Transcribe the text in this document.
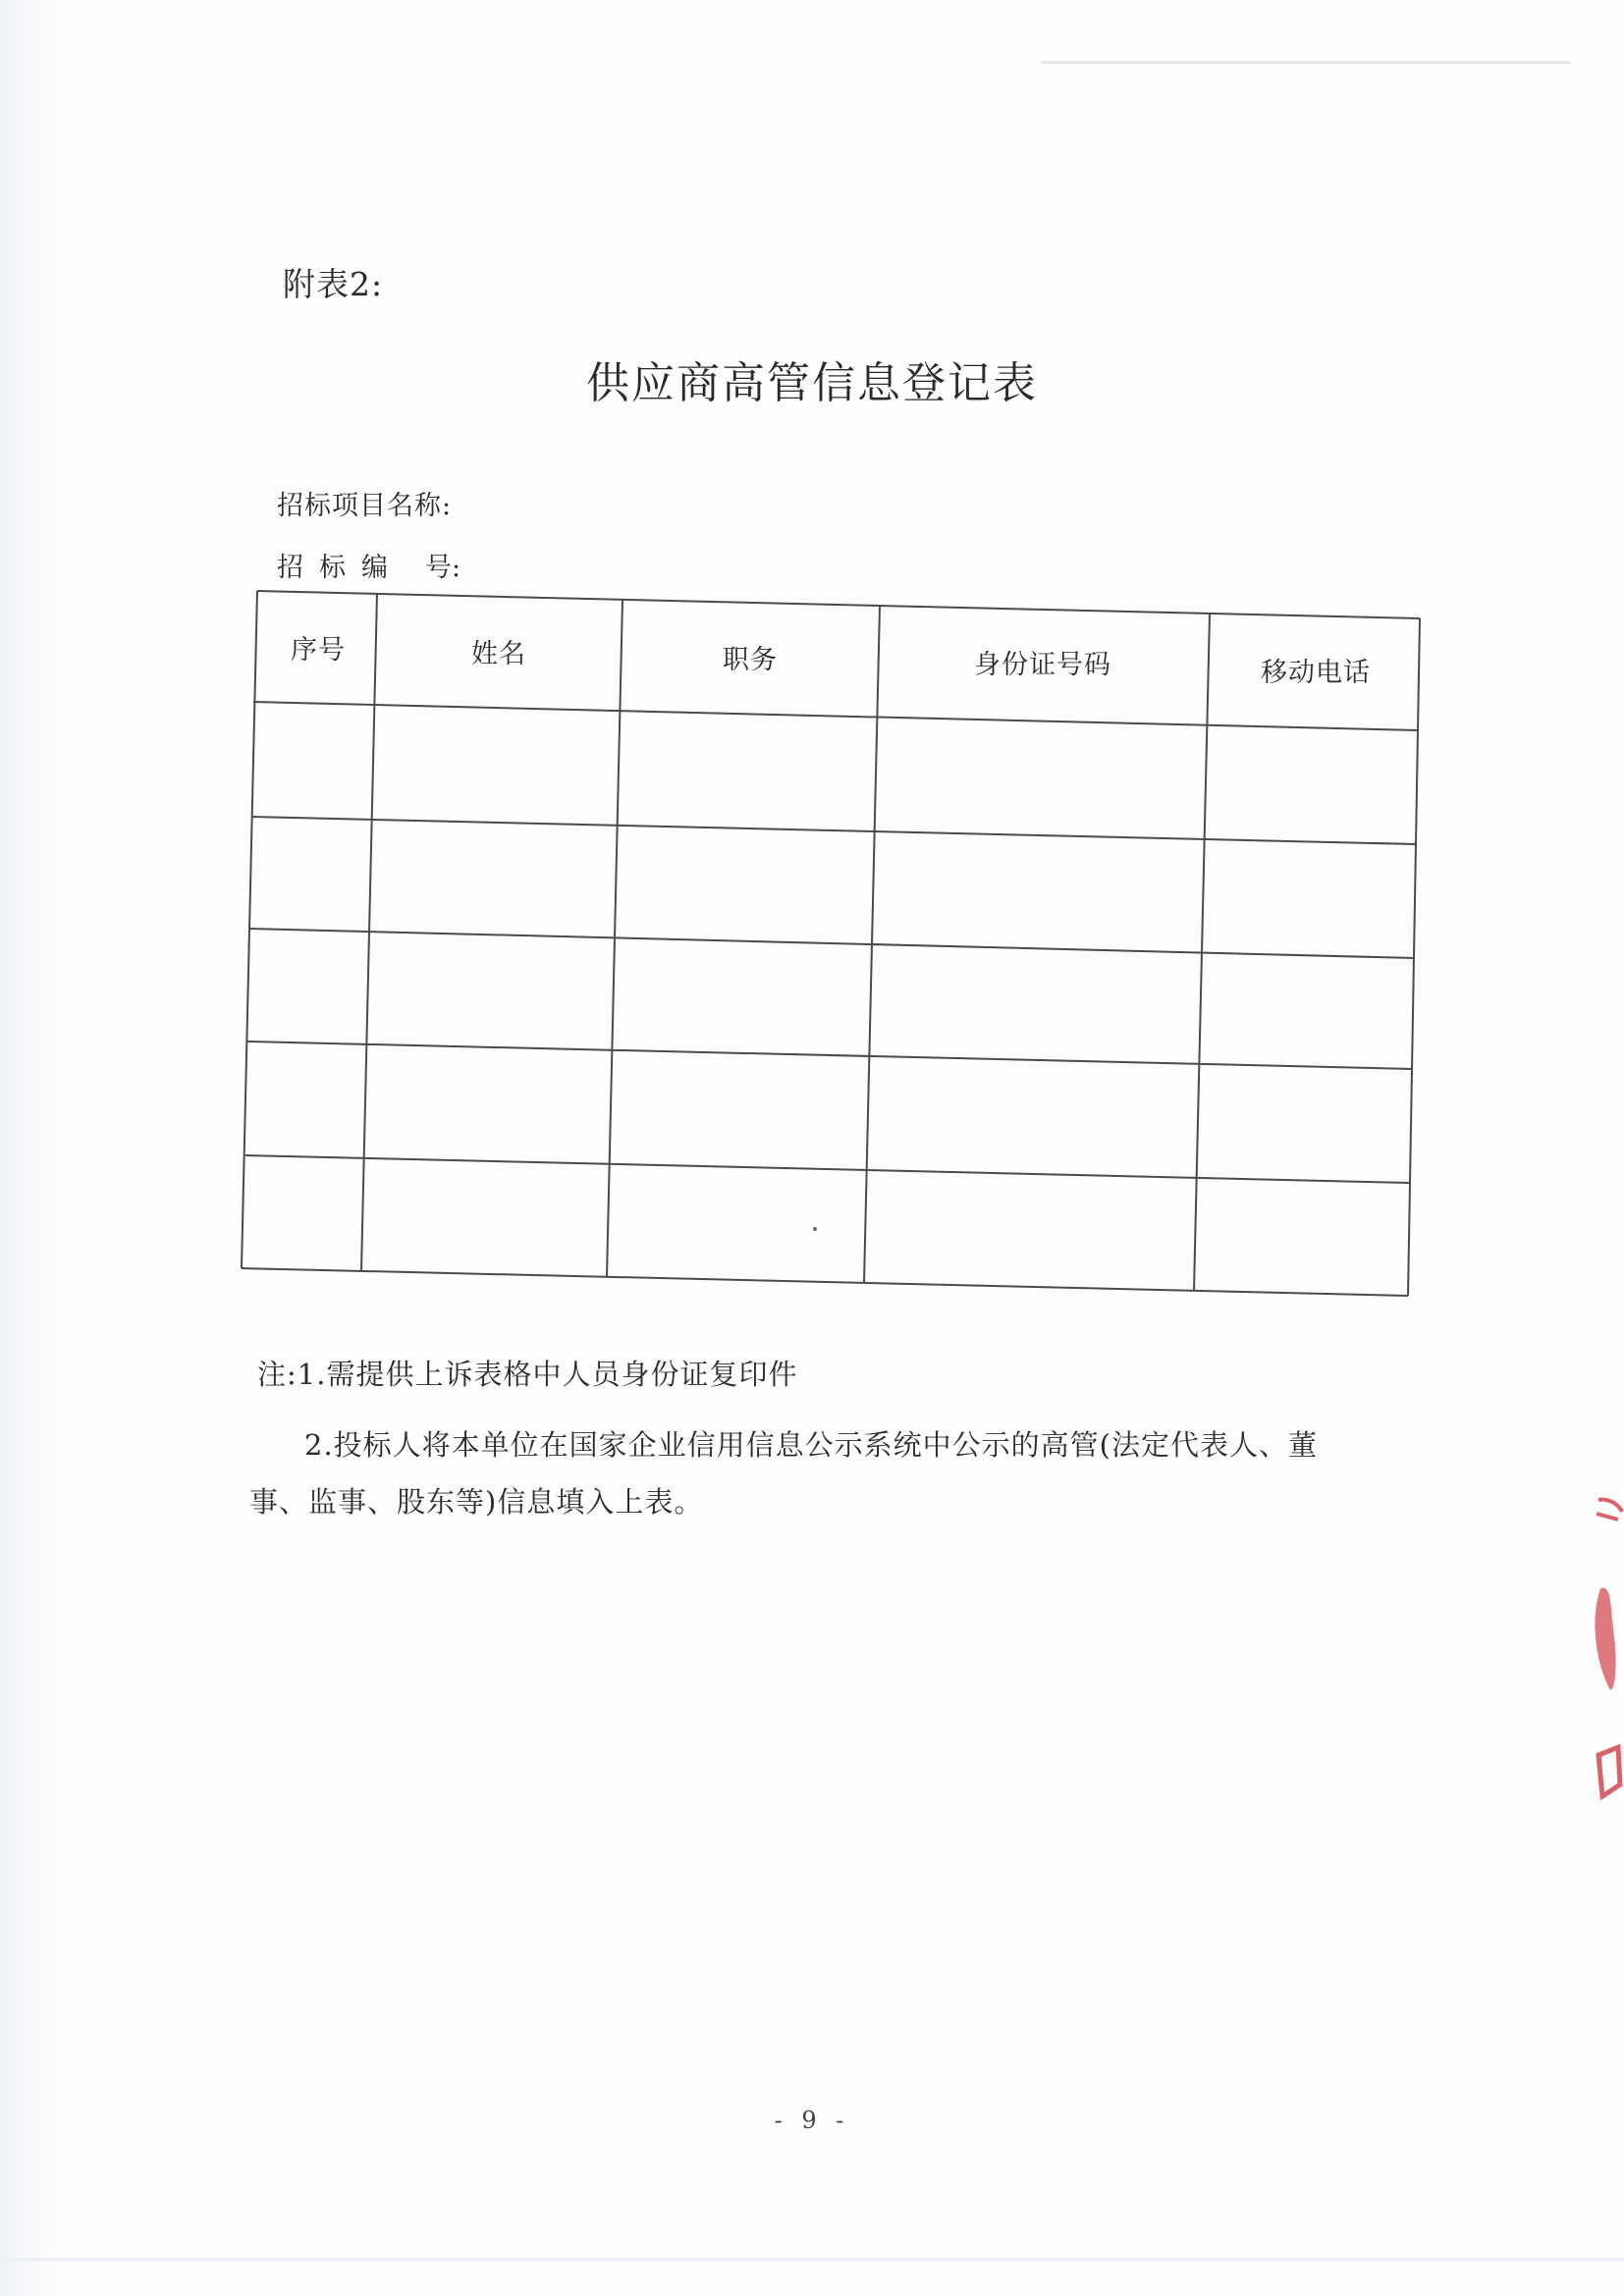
附表2:
供应商高管信息登记表
招标项目名称:
招 标 编 号:
序号	姓名	职务	身份证号码	移动电话
注:1.需提供上诉表格中人员身份证复印件
2.投标人将本单位在国家企业信用信息公示系统中公示的高管(法定代表人、董
事、监事、股东等)信息填入上表。
- 9 -
